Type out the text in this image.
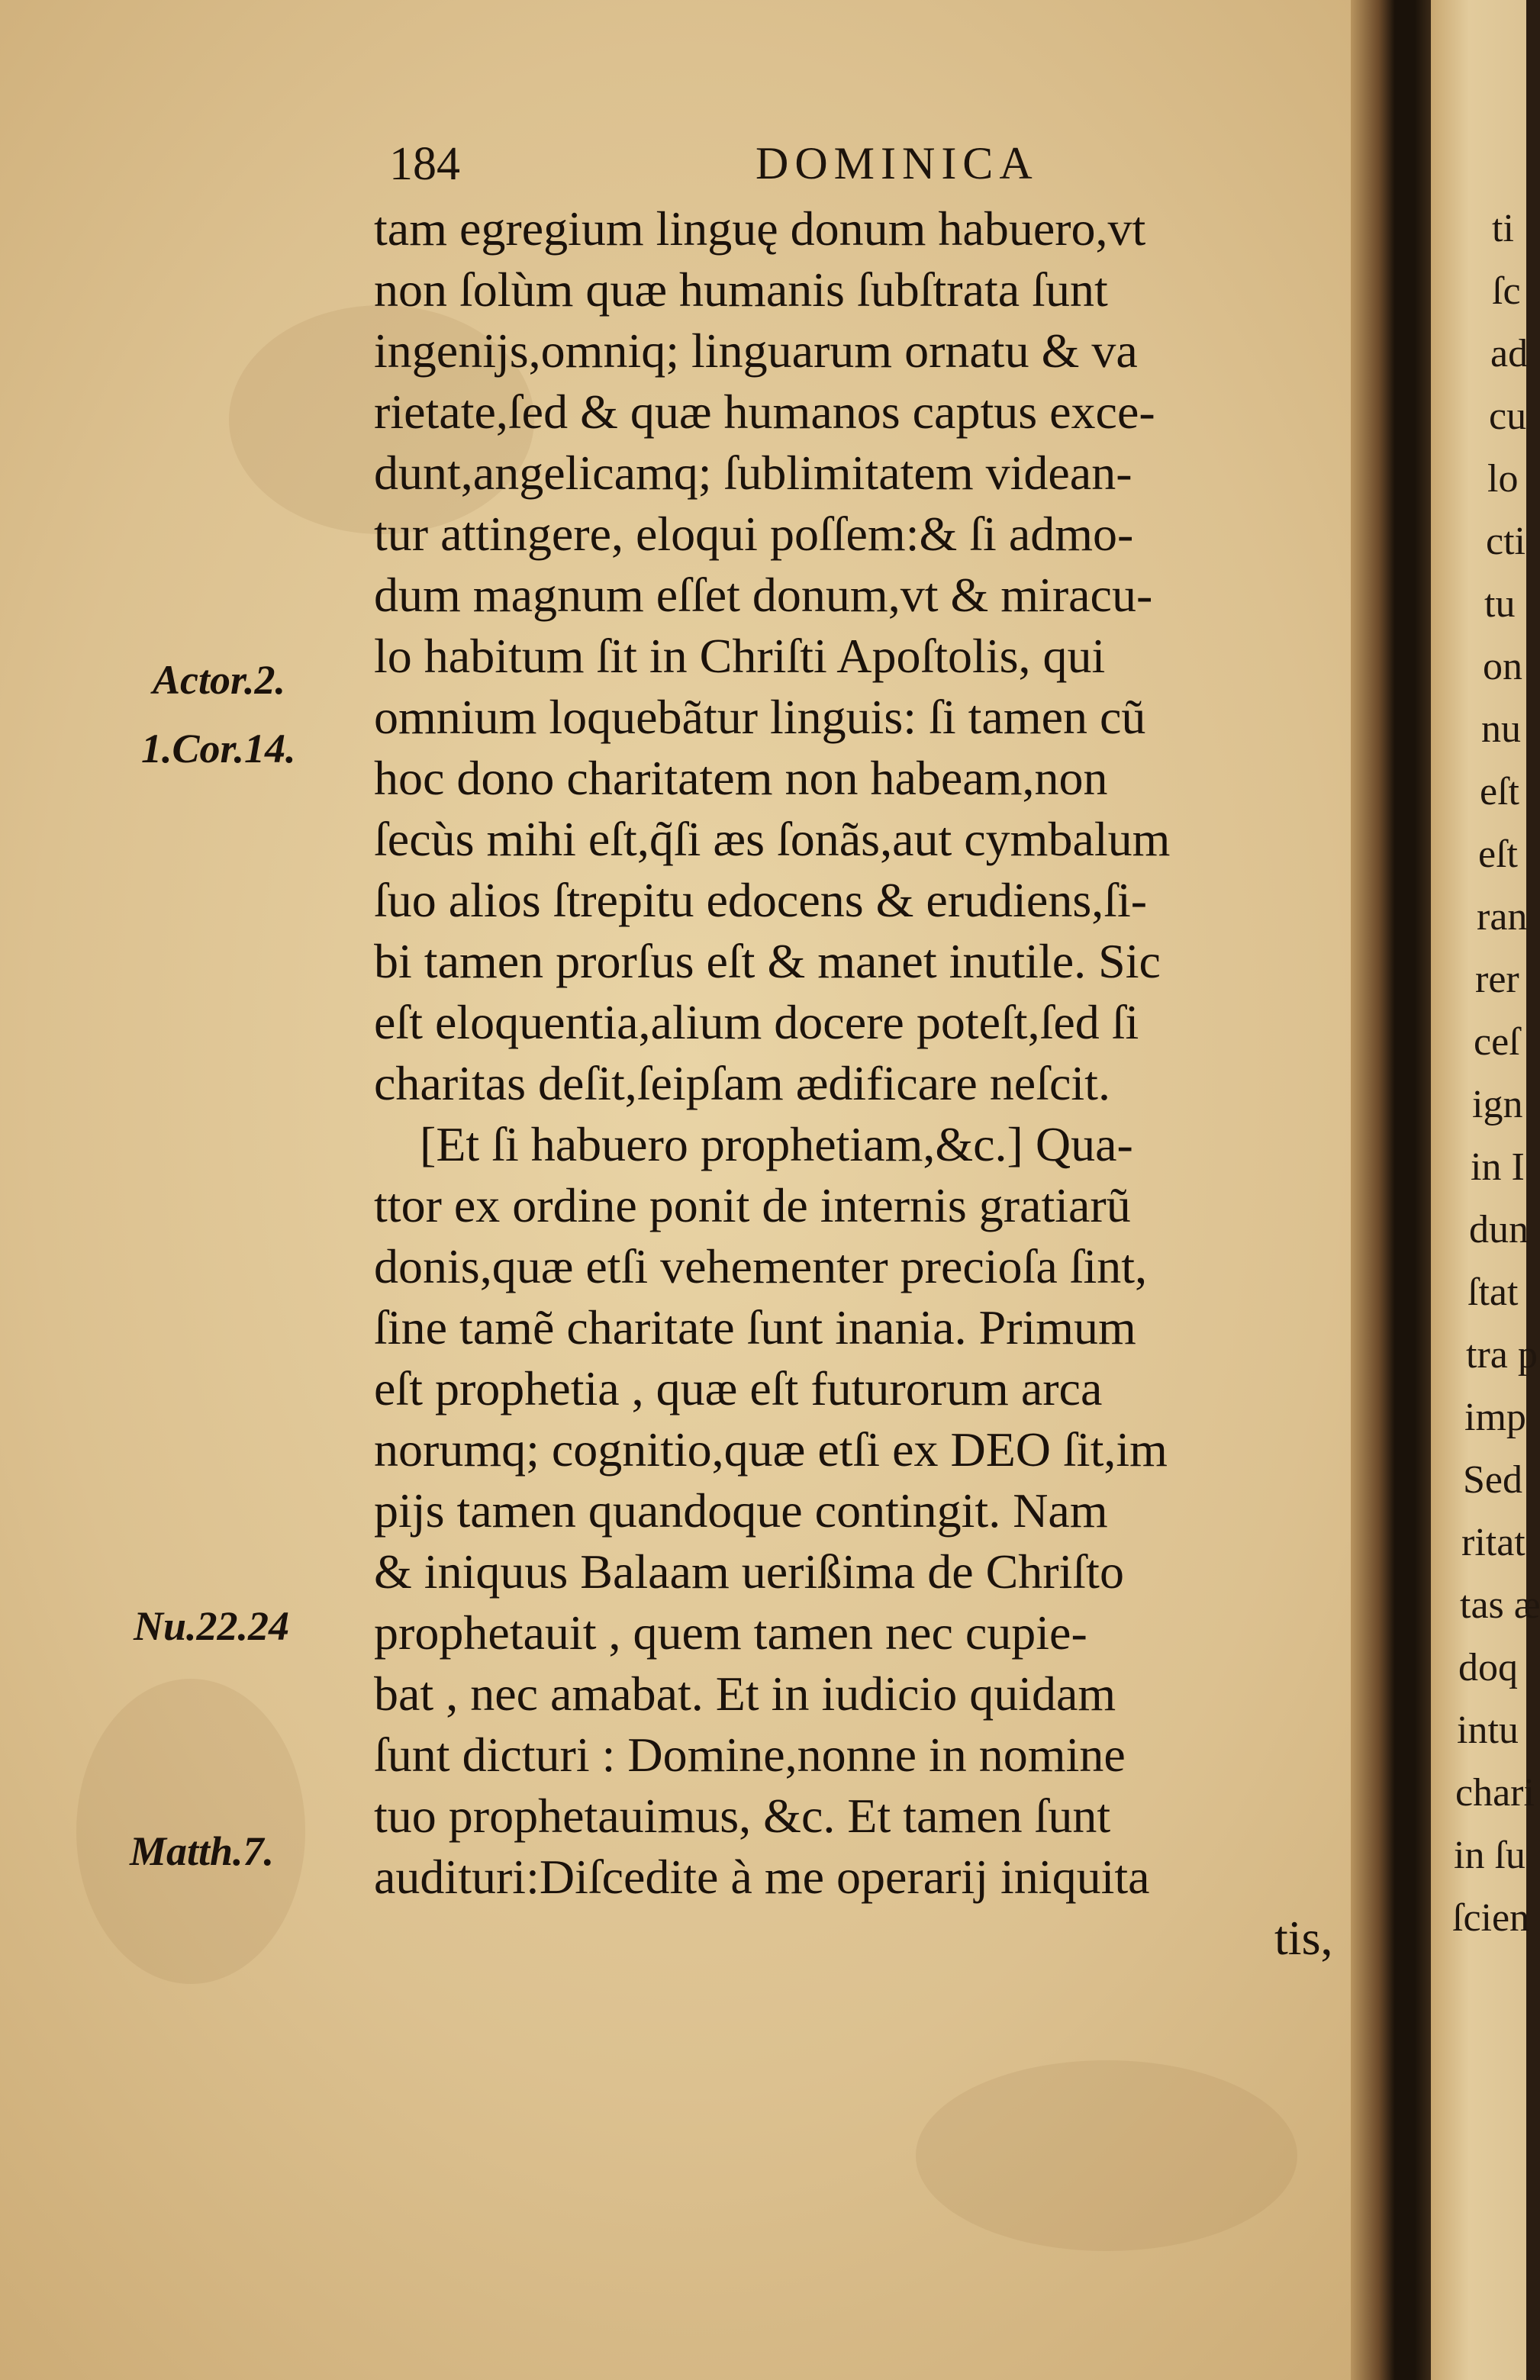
184	DOMINICA
tam egregium linguę donum habuero,vt
non ſolùm quæ humanis ſubſtrata ſunt
ingenijs,omniq; linguarum ornatu & va
rietate,ſed & quæ humanos captus exce-
dunt,angelicamq; ſublimitatem videan-
tur attingere, eloqui poſſem:& ſi admo-
dum magnum eſſet donum,vt & miracu-
lo habitum ſit in Chriſti Apoſtolis, qui
omnium loquebãtur linguis: ſi tamen cũ
hoc dono charitatem non habeam,non
ſecùs mihi eſt,q̃ſi æs ſonãs,aut cymbalum
ſuo alios ſtrepitu edocens & erudiens,ſi-
bi tamen prorſus eſt & manet inutile. Sic
eſt eloquentia,alium docere poteſt,ſed ſi
charitas deſit,ſeipſam ædificare neſcit.
[Et ſi habuero prophetiam,&c.] Qua-
ttor ex ordine ponit de internis gratiarũ
donis,quæ etſi vehementer precioſa ſint,
ſine tamẽ charitate ſunt inania. Primum
eſt prophetia , quæ eſt futurorum arca
norumq; cognitio,quæ etſi ex DEO ſit,im
pijs tamen quandoque contingit. Nam
& iniquus Balaam uerißima de Chriſto
prophetauit , quem tamen nec cupie-
bat , nec amabat. Et in iudicio quidam
ſunt dicturi : Domine,nonne in nomine
tuo prophetauimus, &c. Et tamen ſunt
audituri:Diſcedite à me operarij iniquita
tis,
Actor.2.
1.Cor.14.
Nu.22.24
Matth.7.
ti
ſc
ad
cu
lo
cti
tu
on
nu
eſt
eſt
ran
rer
ceſ
ign
in I
dun
ſtat
tra p
imp
Sed
ritat
tas æ
doq
intu
chari
in ſu
ſcien
